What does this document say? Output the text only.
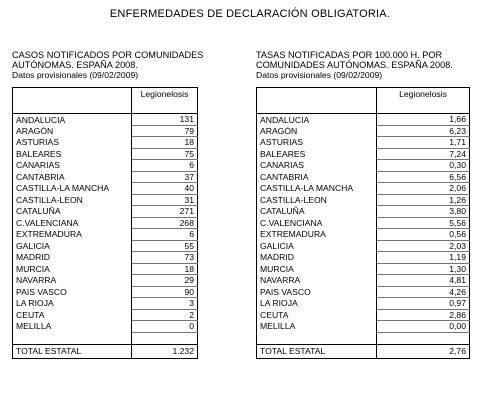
ENFERMEDADES DE DECLARACIÓN OBLIGATORIA.
CASOS NOTIFICADOS POR COMUNIDADES
AUTÓNOMAS. ESPAÑA 2008.
Datos provisionales (09/02/2009)
	Legionelosis
ANDALUCIA	131
ARAGÓN	79
ASTURIAS	18
BALEARES	75
CANARIAS	6
CANTABRIA	37
CASTILLA-LA MANCHA	40
CASTILLA-LEON	31
CATALUÑA	271
C.VALENCIANA	268
EXTREMADURA	6
GALICIA	55
MADRID	73
MURCIA	18
NAVARRA	29
PAIS VASCO	90
LA RIOJA	3
CEUTA	2
MELILLA	0

TOTAL ESTATAL	1.232
TASAS NOTIFICADAS POR 100.000 H. POR
COMUNIDADES AUTÓNOMAS. ESPAÑA 2008.
Datos provisionales (09/02/2009)
	Legionelosis
ANDALUCIA	1,66
ARAGÓN	6,23
ASTURIAS	1,71
BALEARES	7,24
CANARIAS	0,30
CANTABRIA	6,56
CASTILLA-LA MANCHA	2,06
CASTILLA-LEON	1,26
CATALUÑA	3,80
C.VALENCIANA	5,56
EXTREMADURA	0,56
GALICIA	2,03
MADRID	1,19
MURCIA	1,30
NAVARRA	4,81
PAIS VASCO	4,26
LA RIOJA	0,97
CEUTA	2,86
MELILLA	0,00

TOTAL ESTATAL	2,76
